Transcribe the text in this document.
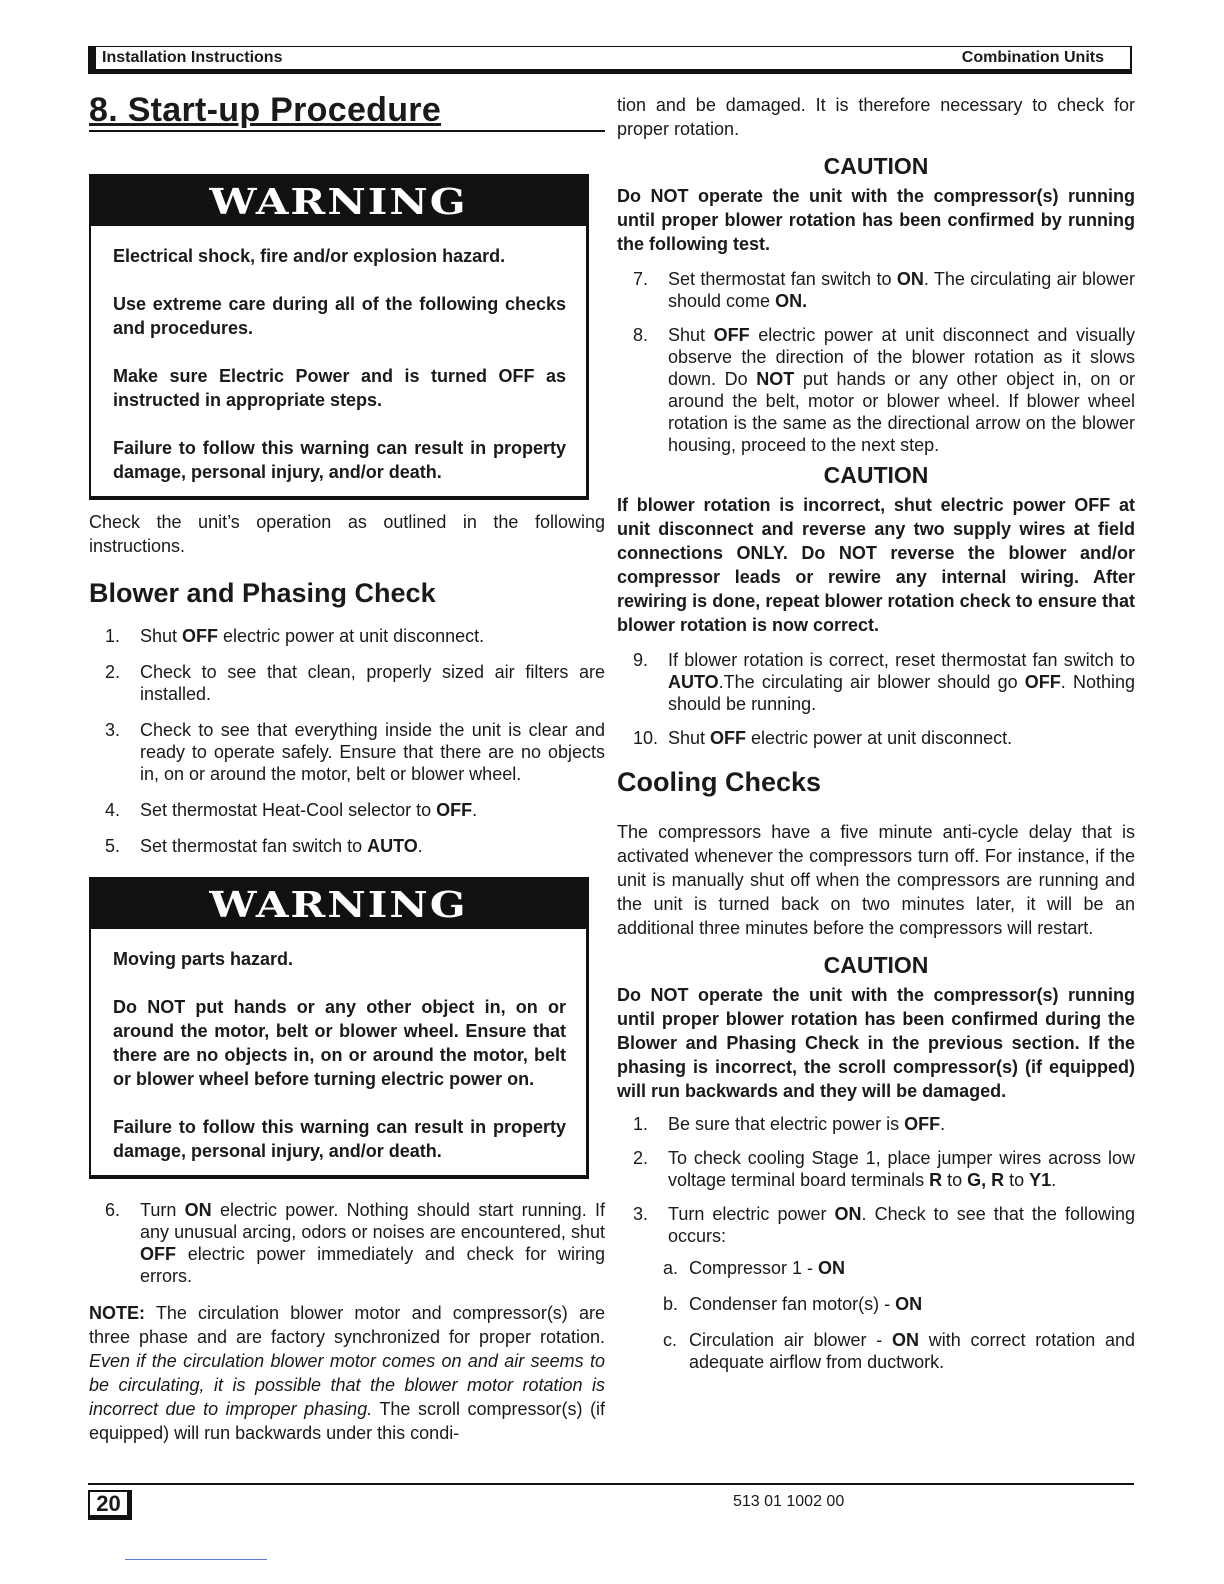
Installation Instructions	Combination Units
8. Start-up Procedure
WARNING

Electrical shock, fire and/or explosion hazard.

Use extreme care during all of the following checks and procedures.

Make sure Electric Power and is turned OFF as instructed in appropriate steps.

Failure to follow this warning can result in property damage, personal injury, and/or death.

Check the unit’s operation as outlined in the following instructions.

Blower and Phasing Check
1. Shut OFF electric power at unit disconnect.
2. Check to see that clean, properly sized air filters are installed.
3. Check to see that everything inside the unit is clear and ready to operate safely. Ensure that there are no objects in, on or around the motor, belt or blower wheel.
4. Set thermostat Heat-Cool selector to OFF.
5. Set thermostat fan switch to AUTO.
WARNING

Moving parts hazard.

Do NOT put hands or any other object in, on or around the motor, belt or blower wheel. Ensure that there are no objects in, on or around the motor, belt or blower wheel before turning electric power on.

Failure to follow this warning can result in property damage, personal injury, and/or death.

6. Turn ON electric power. Nothing should start running. If any unusual arcing, odors or noises are encountered, shut OFF electric power immediately and check for wiring errors.

NOTE: The circulation blower motor and compressor(s) are three phase and are factory synchronized for proper rotation. Even if the circulation blower motor comes on and air seems to be circulating, it is possible that the blower motor rotation is incorrect due to improper phasing. The scroll compressor(s) (if equipped) will run backwards under this condi-

tion and be damaged. It is therefore necessary to check for proper rotation.

CAUTION

Do NOT operate the unit with the compressor(s) running until proper blower rotation has been confirmed by running the following test.

7. Set thermostat fan switch to ON. The circulating air blower should come ON.
8. Shut OFF electric power at unit disconnect and visually observe the direction of the blower rotation as it slows down. Do NOT put hands or any other object in, on or around the belt, motor or blower wheel. If blower wheel rotation is the same as the directional arrow on the blower housing, proceed to the next step.
CAUTION

If blower rotation is incorrect, shut electric power OFF at unit disconnect and reverse any two supply wires at field connections ONLY. Do NOT reverse the blower and/or compressor leads or rewire any internal wiring. After rewiring is done, repeat blower rotation check to ensure that blower rotation is now correct.

9. If blower rotation is correct, reset thermostat fan switch to AUTO.The circulating air blower should go OFF. Nothing should be running.
10. Shut OFF electric power at unit disconnect.
Cooling Checks

The compressors have a five minute anti-cycle delay that is activated whenever the compressors turn off. For instance, if the unit is manually shut off when the compressors are running and the unit is turned back on two minutes later, it will be an additional three minutes before the compressors will restart.

CAUTION

Do NOT operate the unit with the compressor(s) running until proper blower rotation has been confirmed during the Blower and Phasing Check in the previous section. If the phasing is incorrect, the scroll compressor(s) (if equipped) will run backwards and they will be damaged.

1. Be sure that electric power is OFF.
2. To check cooling Stage 1, place jumper wires across low voltage terminal board terminals R to G, R to Y1.
3. Turn electric power ON. Check to see that the following occurs:
a. Compressor 1 - ON
b. Condenser fan motor(s) - ON
c. Circulation air blower - ON with correct rotation and adequate airflow from ductwork.
20	513 01 1002 00
